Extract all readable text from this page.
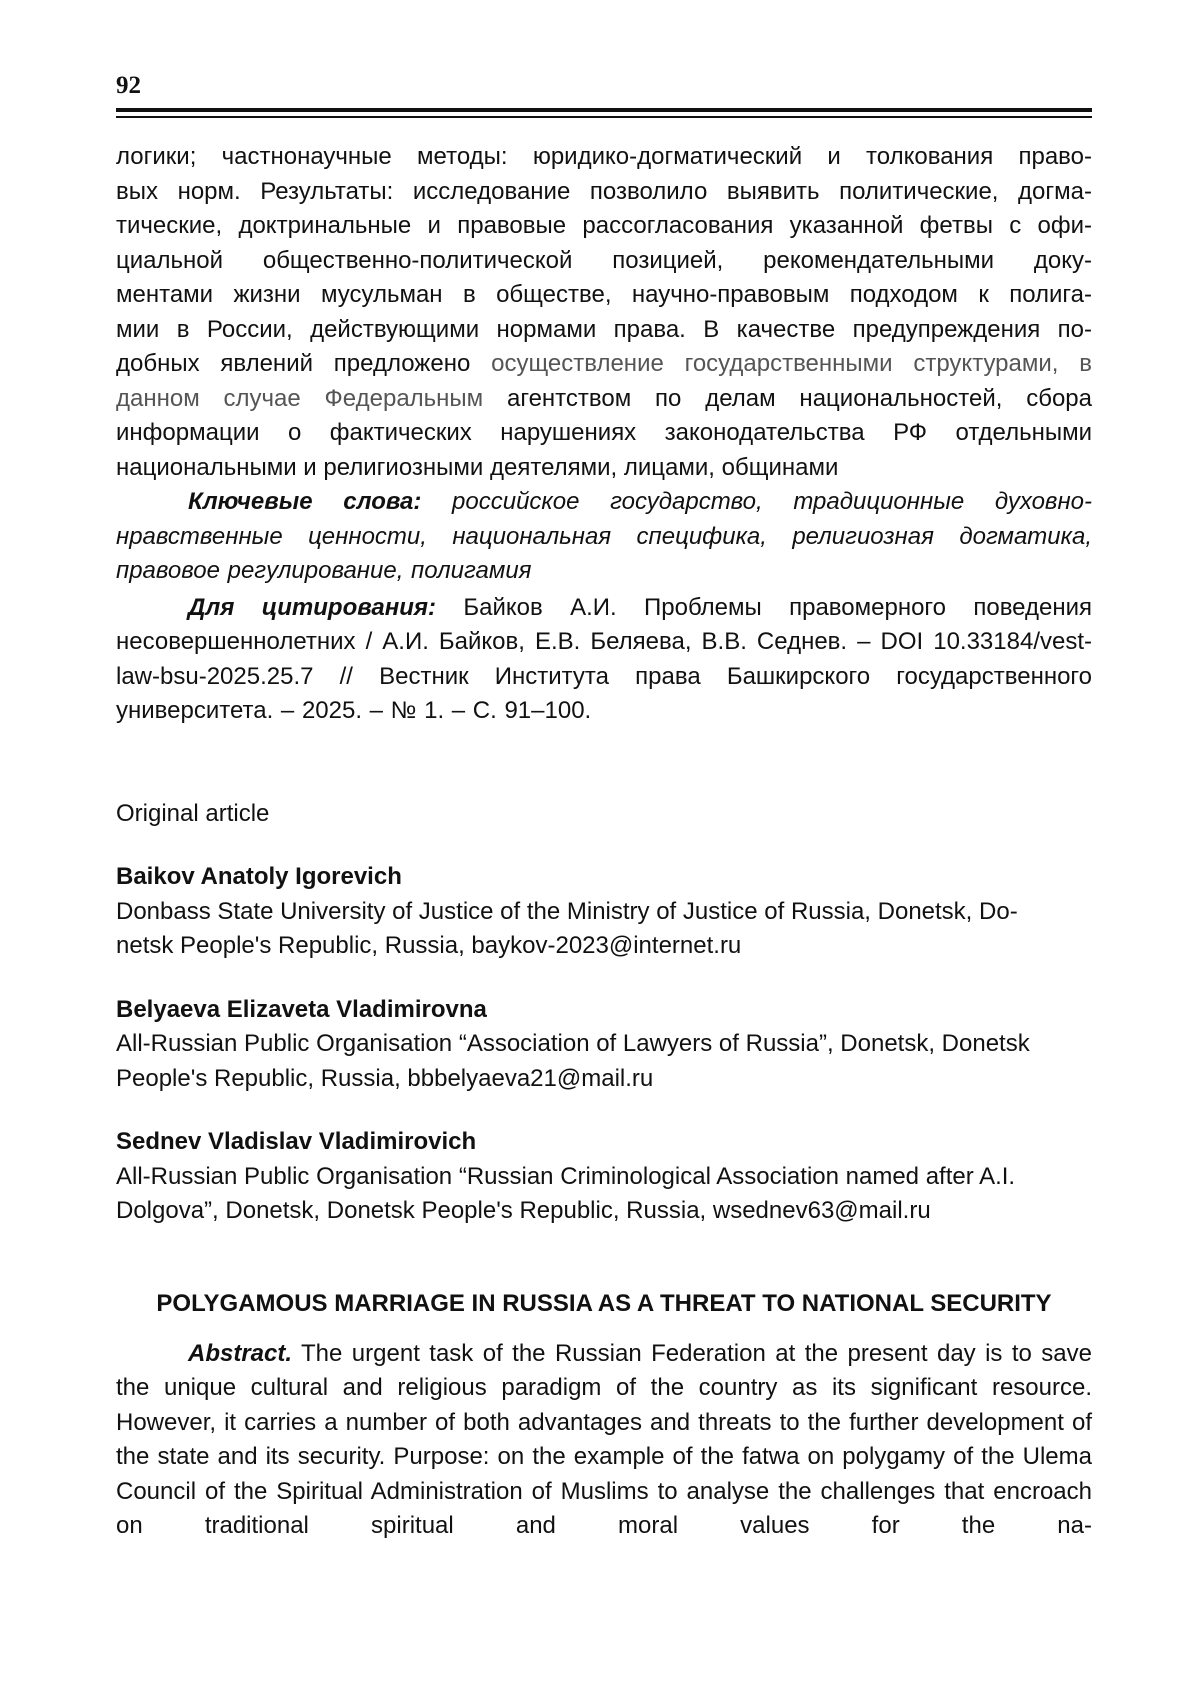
92

логики; частнонаучные методы: юридико-догматический и толкования право-

вых норм. Результаты: исследование позволило выявить политические, догма-

тические, доктринальные и правовые рассогласования указанной фетвы с офи-

циальной общественно-политической позицией, рекомендательными доку-

ментами жизни мусульман в обществе, научно-правовым подходом к полига-

мии в России, действующими нормами права. В качестве предупреждения по-

добных явлений предложено осуществление государственными структурами, в

данном случае Федеральным агентством по делам национальностей, сбора

информации о фактических нарушениях законодательства РФ отдельными

национальными и религиозными деятелями, лицами, общинами

Ключевые слова: российское государство, традиционные духовно-нравственные ценности, национальная специфика, религиозная догматика, правовое регулирование, полигамия

Для цитирования: Байков А.И. Проблемы правомерного поведения несовершеннолетних / А.И. Байков, Е.В. Беляева, В.В. Седнев. – DOI 10.33184/vest-law-bsu-2025.25.7 // Вестник Института права Башкирского государственного университета. – 2025. – № 1. – С. 91–100.

Original article

Baikov Anatoly Igorevich

Donbass State University of Justice of the Ministry of Justice of Russia, Donetsk, Do-

netsk People's Republic, Russia, baykov-2023@internet.ru

Belyaeva Elizaveta Vladimirovna

All-Russian Public Organisation “Association of Lawyers of Russia”, Donetsk, Donetsk

People's Republic, Russia, bbbelyaeva21@mail.ru

Sednev Vladislav Vladimirovich

All-Russian Public Organisation “Russian Criminological Association named after A.I.

Dolgova”, Donetsk, Donetsk People's Republic, Russia, wsednev63@mail.ru

POLYGAMOUS MARRIAGE IN RUSSIA AS A THREAT TO NATIONAL SECURITY

Abstract. The urgent task of the Russian Federation at the present day is to save the unique cultural and religious paradigm of the country as its significant resource. However, it carries a number of both advantages and threats to the further development of the state and its security. Purpose: on the example of the fatwa on polygamy of the Ulema Council of the Spiritual Administration of Muslims to analyse the challenges that encroach on traditional spiritual and moral values for the na-
